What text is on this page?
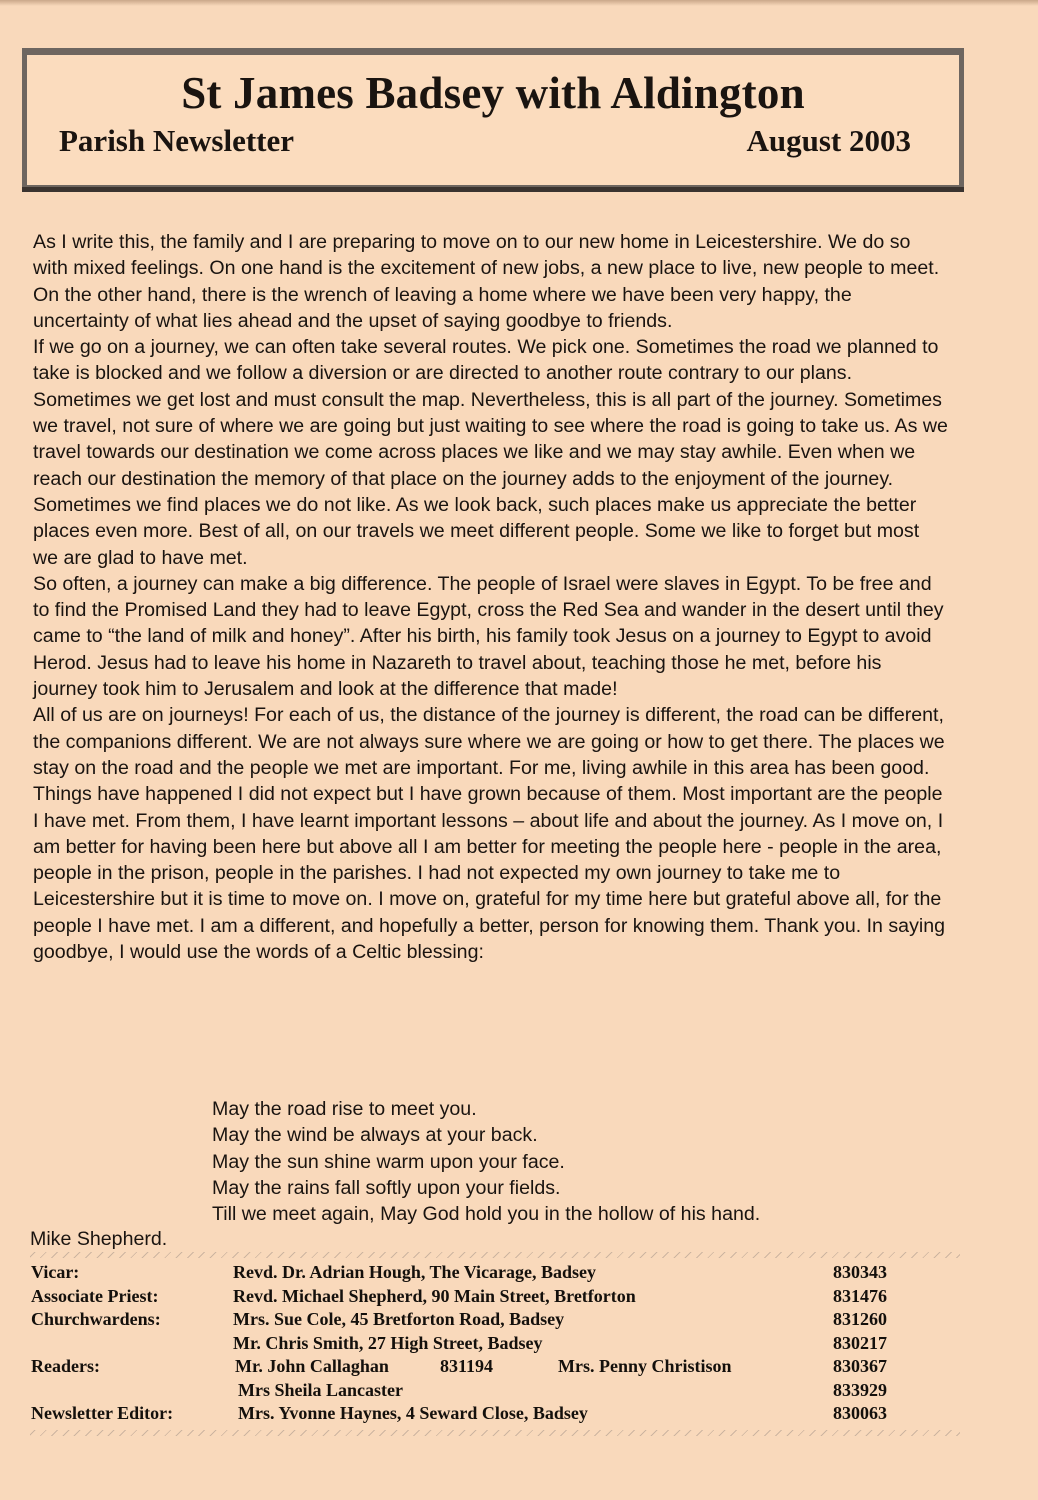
St James Badsey with Aldington
Parish Newsletter	August 2003

As I write this, the family and I are preparing to move on to our new home in Leicestershire. We do so with mixed feelings. On one hand is the excitement of new jobs, a new place to live, new people to meet. On the other hand, there is the wrench of leaving a home where we have been very happy, the uncertainty of what lies ahead and the upset of saying goodbye to friends.

If we go on a journey, we can often take several routes. We pick one. Sometimes the road we planned to take is blocked and we follow a diversion or are directed to another route contrary to our plans. Sometimes we get lost and must consult the map. Nevertheless, this is all part of the journey. Sometimes we travel, not sure of where we are going but just waiting to see where the road is going to take us. As we travel towards our destination we come across places we like and we may stay awhile. Even when we reach our destination the memory of that place on the journey adds to the enjoyment of the journey. Sometimes we find places we do not like. As we look back, such places make us appreciate the better places even more. Best of all, on our travels we meet different people. Some we like to forget but most we are glad to have met.

So often, a journey can make a big difference. The people of Israel were slaves in Egypt. To be free and to find the Promised Land they had to leave Egypt, cross the Red Sea and wander in the desert until they came to “the land of milk and honey”. After his birth, his family took Jesus on a journey to Egypt to avoid Herod. Jesus had to leave his home in Nazareth to travel about, teaching those he met, before his journey took him to Jerusalem and look at the difference that made!

All of us are on journeys! For each of us, the distance of the journey is different, the road can be different, the companions different. We are not always sure where we are going or how to get there. The places we stay on the road and the people we met are important. For me, living awhile in this area has been good. Things have happened I did not expect but I have grown because of them. Most important are the people I have met. From them, I have learnt important lessons – about life and about the journey. As I move on, I am better for having been here but above all I am better for meeting the people here - people in the area, people in the prison, people in the parishes. I had not expected my own journey to take me to Leicestershire but it is time to move on. I move on, grateful for my time here but grateful above all, for the people I have met. I am a different, and hopefully a better, person for knowing them. Thank you. In saying goodbye, I would use the words of a Celtic blessing:

May the road rise to meet you.
May the wind be always at your back.
May the sun shine warm upon your face.
May the rains fall softly upon your fields.
Till we meet again, May God hold you in the hollow of his hand.
Mike Shepherd.
Vicar:	Revd. Dr. Adrian Hough, The Vicarage, Badsey	830343
Associate Priest:	Revd. Michael Shepherd, 90 Main Street, Bretforton	831476
Churchwardens:	Mrs. Sue Cole, 45 Bretforton Road, Badsey	831260
Mr. Chris Smith, 27 High Street, Badsey	830217
Readers:	Mr. John Callaghan	831194	Mrs. Penny Christison	830367
Mrs Sheila Lancaster	833929
Newsletter Editor:	Mrs. Yvonne Haynes, 4 Seward Close, Badsey	830063
